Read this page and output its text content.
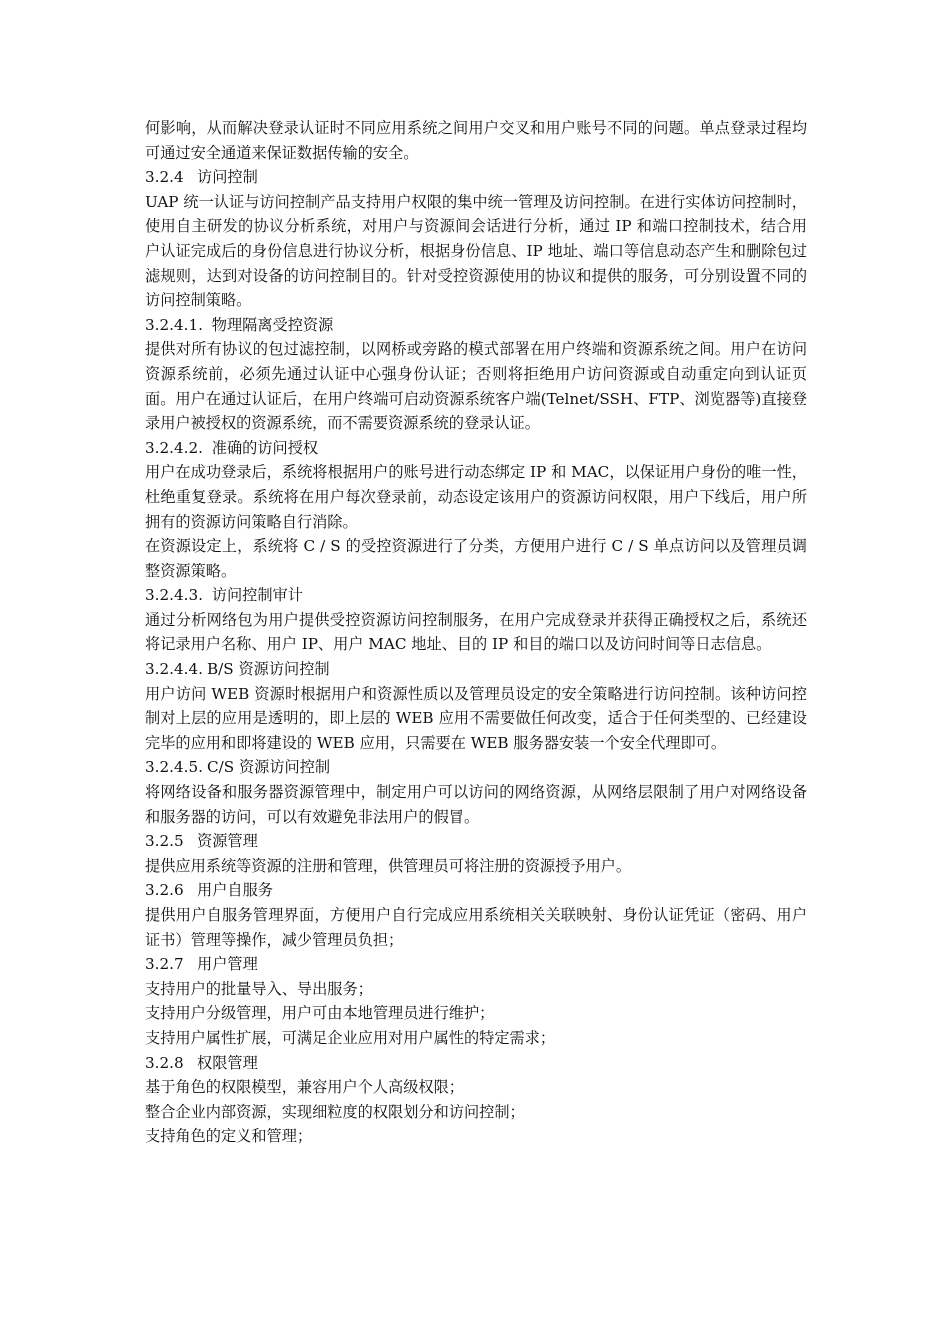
何影响，从而解决登录认证时不同应用系统之间用户交叉和用户账号不同的问题。单点登录过程均可通过安全通道来保证数据传输的安全。

3.2.4 访问控制

UAP 统一认证与访问控制产品支持用户权限的集中统一管理及访问控制。在进行实体访问控制时，使用自主研发的协议分析系统，对用户与资源间会话进行分析，通过 IP 和端口控制技术，结合用户认证完成后的身份信息进行协议分析，根据身份信息、IP 地址、端口等信息动态产生和删除包过滤规则，达到对设备的访问控制目的。针对受控资源使用的协议和提供的服务，可分别设置不同的访问控制策略。

3.2.4.1. 物理隔离受控资源

提供对所有协议的包过滤控制，以网桥或旁路的模式部署在用户终端和资源系统之间。用户在访问资源系统前，必须先通过认证中心强身份认证；否则将拒绝用户访问资源或自动重定向到认证页面。用户在通过认证后，在用户终端可启动资源系统客户端(Telnet/SSH、FTP、浏览器等)直接登录用户被授权的资源系统，而不需要资源系统的登录认证。

3.2.4.2. 准确的访问授权

用户在成功登录后，系统将根据用户的账号进行动态绑定 IP 和 MAC，以保证用户身份的唯一性，杜绝重复登录。系统将在用户每次登录前，动态设定该用户的资源访问权限，用户下线后，用户所拥有的资源访问策略自行消除。

在资源设定上，系统将 C / S 的受控资源进行了分类，方便用户进行 C / S 单点访问以及管理员调整资源策略。

3.2.4.3. 访问控制审计

通过分析网络包为用户提供受控资源访问控制服务，在用户完成登录并获得正确授权之后，系统还将记录用户名称、用户 IP、用户 MAC 地址、目的 IP 和目的端口以及访问时间等日志信息。

3.2.4.4. B/S 资源访问控制

用户访问 WEB 资源时根据用户和资源性质以及管理员设定的安全策略进行访问控制。该种访问控制对上层的应用是透明的，即上层的 WEB 应用不需要做任何改变，适合于任何类型的、已经建设完毕的应用和即将建设的 WEB 应用，只需要在 WEB 服务器安装一个安全代理即可。

3.2.4.5. C/S 资源访问控制

将网络设备和服务器资源管理中，制定用户可以访问的网络资源，从网络层限制了用户对网络设备和服务器的访问，可以有效避免非法用户的假冒。

3.2.5 资源管理

提供应用系统等资源的注册和管理，供管理员可将注册的资源授予用户。

3.2.6 用户自服务

提供用户自服务管理界面，方便用户自行完成应用系统相关关联映射、身份认证凭证（密码、用户证书）管理等操作，减少管理员负担；

3.2.7 用户管理

支持用户的批量导入、导出服务；

支持用户分级管理，用户可由本地管理员进行维护；

支持用户属性扩展，可满足企业应用对用户属性的特定需求；

3.2.8 权限管理

基于角色的权限模型，兼容用户个人高级权限；

整合企业内部资源，实现细粒度的权限划分和访问控制；

支持角色的定义和管理；
